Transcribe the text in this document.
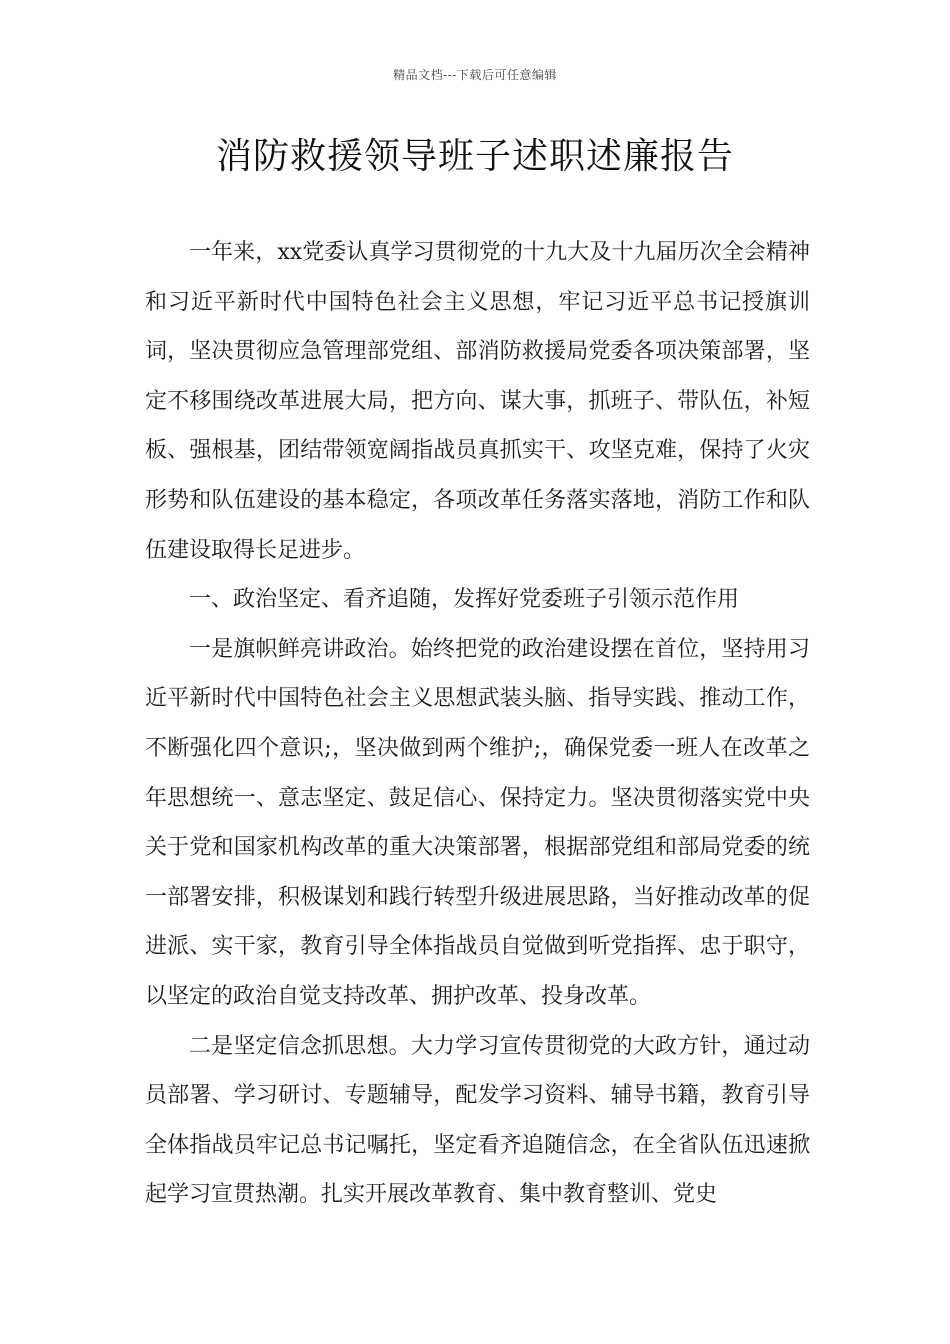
精品文档---下载后可任意编辑
消防救援领导班子述职述廉报告

一年来，xx党委认真学习贯彻党的十九大及十九届历次全会精神和习近平新时代中国特色社会主义思想，牢记习近平总书记授旗训词，坚决贯彻应急管理部党组、部消防救援局党委各项决策部署，坚定不移围绕改革进展大局，把方向、谋大事，抓班子、带队伍，补短板、强根基，团结带领宽阔指战员真抓实干、攻坚克难，保持了火灾形势和队伍建设的基本稳定，各项改革任务落实落地，消防工作和队伍建设取得长足进步。

一、政治坚定、看齐追随，发挥好党委班子引领示范作用

一是旗帜鲜亮讲政治。始终把党的政治建设摆在首位，坚持用习近平新时代中国特色社会主义思想武装头脑、指导实践、推动工作，不断强化四个意识;，坚决做到两个维护;，确保党委一班人在改革之年思想统一、意志坚定、鼓足信心、保持定力。坚决贯彻落实党中央关于党和国家机构改革的重大决策部署，根据部党组和部局党委的统一部署安排，积极谋划和践行转型升级进展思路，当好推动改革的促进派、实干家，教育引导全体指战员自觉做到听党指挥、忠于职守，以坚定的政治自觉支持改革、拥护改革、投身改革。

二是坚定信念抓思想。大力学习宣传贯彻党的大政方针，通过动员部署、学习研讨、专题辅导，配发学习资料、辅导书籍，教育引导全体指战员牢记总书记嘱托，坚定看齐追随信念，在全省队伍迅速掀起学习宣贯热潮。扎实开展改革教育、集中教育整训、党史
